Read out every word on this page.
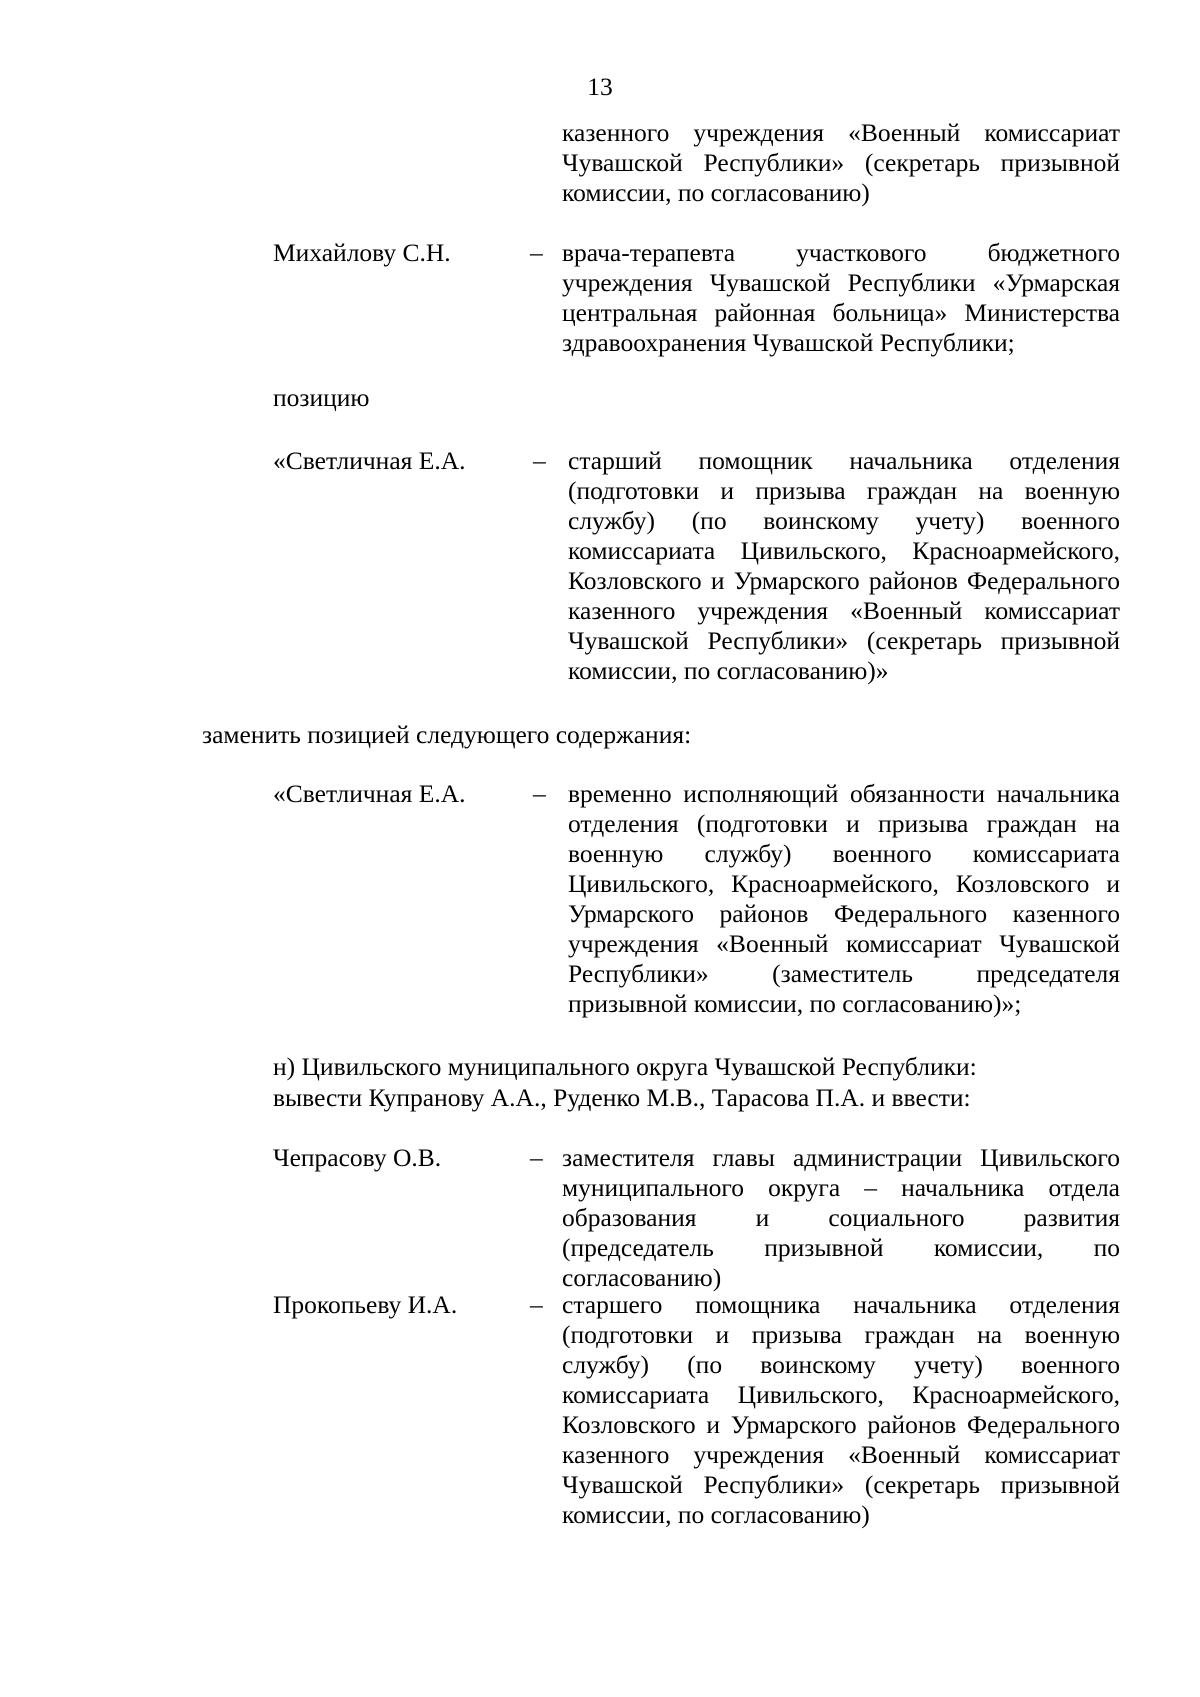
13
казенного учреждения «Военный комиссариат Чувашской Республики» (секретарь призывной комиссии, по согласованию)
Михайлову С.Н.	– врача-терапевта участкового бюджетного учреждения Чувашской Республики «Урмарская центральная районная больница» Министерства здравоохранения Чувашской Республики;
позицию
«Светличная Е.А.	– старший помощник начальника отделения (подготовки и призыва граждан на военную службу) (по воинскому учету) военного комиссариата Цивильского, Красноармейского, Козловского и Урмарского районов Федерального казенного учреждения «Военный комиссариат Чувашской Республики» (секретарь призывной комиссии, по согласованию)»
заменить позицией следующего содержания:
«Светличная Е.А.	– временно исполняющий обязанности начальника отделения (подготовки и призыва граждан на военную службу) военного комиссариата Цивильского, Красноармейского, Козловского и Урмарского районов Федерального казенного учреждения «Военный комиссариат Чувашской Республики» (заместитель председателя призывной комиссии, по согласованию)»;
н) Цивильского муниципального округа Чувашской Республики:
вывести Купранову А.А., Руденко М.В., Тарасова П.А. и ввести:
Чепрасову О.В.	– заместителя главы администрации Цивильского муниципального округа – начальника отдела образования и социального развития (председатель призывной комиссии, по согласованию)
Прокопьеву И.А.	– старшего помощника начальника отделения (подготовки и призыва граждан на военную службу) (по воинскому учету) военного комиссариата Цивильского, Красноармейского, Козловского и Урмарского районов Федерального казенного учреждения «Военный комиссариат Чувашской Республики» (секретарь призывной комиссии, по согласованию)
